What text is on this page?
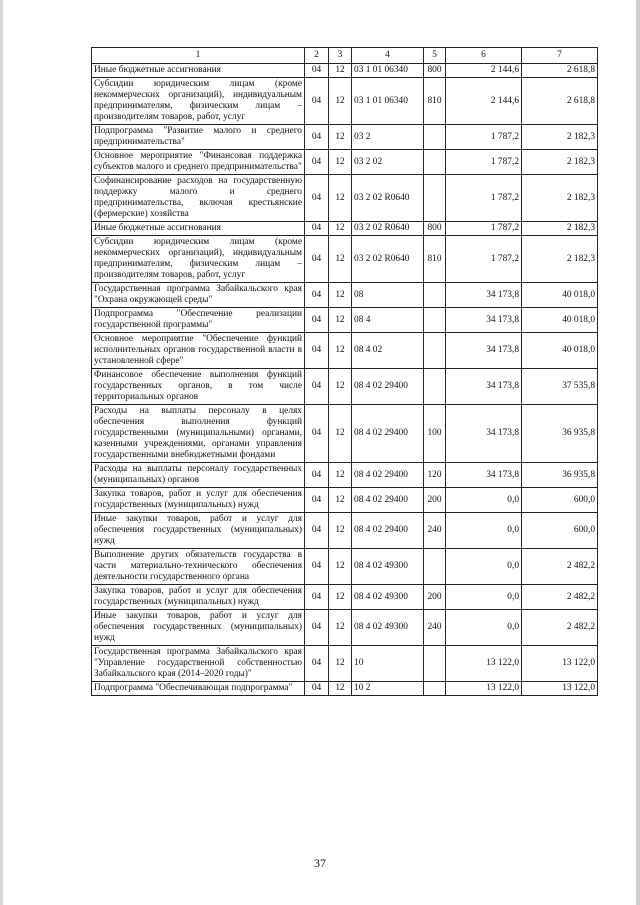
1	2	3	4	5	6	7
Иные бюджетные ассигнования	04	12	03 1 01 06340	800	2 144,6	2 618,8
Субсидии юридическим лицам (кроме некоммерческих организаций), индивидуальным предпринимателям, физическим лицам – производителям товаров, работ, услуг	04	12	03 1 01 06340	810	2 144,6	2 618,8
Подпрограмма "Развитие малого и среднего предпринимательства"	04	12	03 2		1 787,2	2 182,3
Основное мероприятие "Финансовая поддержка субъектов малого и среднего предпринимательства"	04	12	03 2 02		1 787,2	2 182,3
Софинансирование расходов на государственную поддержку малого и среднего предпринимательства, включая крестьянские (фермерские) хозяйства	04	12	03 2 02 R0640		1 787,2	2 182,3
Иные бюджетные ассигнования	04	12	03 2 02 R0640	800	1 787,2	2 182,3
Субсидии юридическим лицам (кроме некоммерческих организаций), индивидуальным предпринимателям, физическим лицам – производителям товаров, работ, услуг	04	12	03 2 02 R0640	810	1 787,2	2 182,3
Государственная программа Забайкальского края "Охрана окружающей среды"	04	12	08		34 173,8	40 018,0
Подпрограмма "Обеспечение реализации государственной программы"	04	12	08 4		34 173,8	40 018,0
Основное мероприятие "Обеспечение функций исполнительных органов государственной власти в установленной сфере"	04	12	08 4 02		34 173,8	40 018,0
Финансовое обеспечение выполнения функций государственных органов, в том числе территориальных органов	04	12	08 4 02 29400		34 173,8	37 535,8
Расходы на выплаты персоналу в целях обеспечения выполнения функций государственными (муниципальными) органами, казенными учреждениями, органами управления государственными внебюджетными фондами	04	12	08 4 02 29400	100	34 173,8	36 935,8
Расходы на выплаты персоналу государственных (муниципальных) органов	04	12	08 4 02 29400	120	34 173,8	36 935,8
Закупка товаров, работ и услуг для обеспечения государственных (муниципальных) нужд	04	12	08 4 02 29400	200	0,0	600,0
Иные закупки товаров, работ и услуг для обеспечения государственных (муниципальных) нужд	04	12	08 4 02 29400	240	0,0	600,0
Выполнение других обязательств государства в части материально-технического обеспечения деятельности государственного органа	04	12	08 4 02 49300		0,0	2 482,2
Закупка товаров, работ и услуг для обеспечения государственных (муниципальных) нужд	04	12	08 4 02 49300	200	0,0	2 482,2
Иные закупки товаров, работ и услуг для обеспечения государственных (муниципальных) нужд	04	12	08 4 02 49300	240	0,0	2 482,2
Государственная программа Забайкальского края "Управление государственной собственностью Забайкальского края (2014–2020 годы)"	04	12	10		13 122,0	13 122,0
Подпрограмма "Обеспечивающая подпрограмма"	04	12	10 2		13 122,0	13 122,0
37
